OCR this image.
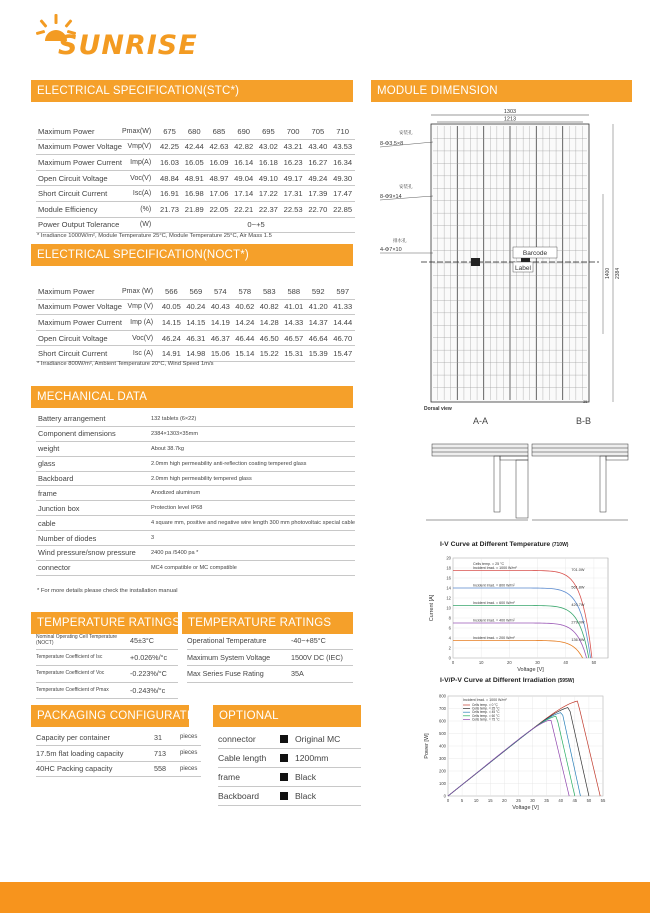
SUNRISE
ELECTRICAL SPECIFICATION(STC*)
Maximum Power	Pmax(W)	675	680	685	690	695	700	705	710
Maximum Power Voltage	Vmp(V)	42.25	42.44	42.63	42.82	43.02	43.21	43.40	43.53
Maximum Power Current	Imp(A)	16.03	16.05	16.09	16.14	16.18	16.23	16.27	16.34
Open Circuit Voltage	Voc(V)	48.84	48.91	48.97	49.04	49.10	49.17	49.24	49.30
Short Circuit Current	Isc(A)	16.91	16.98	17.06	17.14	17.22	17.31	17.39	17.47
Module Efficiency	(%)	21.73	21.89	22.05	22.21	22.37	22.53	22.70	22.85
Power Output Tolerance	(W)	0~+5							
* Irradiance 1000W/m², Module Temperature 25°C, Module Temperature 25°C, Air Mass 1.5
ELECTRICAL SPECIFICATION(NOCT*)
Maximum Power	Pmax (W)	566	569	574	578	583	588	592	597
Maximum Power Voltage	Vmp (V)	40.05	40.24	40.43	40.62	40.82	41.01	41.20	41.33
Maximum Power Current	Imp (A)	14.15	14.15	14.19	14.24	14.28	14.33	14.37	14.44
Open Circuit Voltage	Voc(V)	46.24	46.31	46.37	46.44	46.50	46.57	46.64	46.70
Short Circuit Current	Isc (A)	14.91	14.98	15.06	15.14	15.22	15.31	15.39	15.47
* Irradiance 800W/m², Ambient Temperature 20°C, Wind Speed 1m/s
MECHANICAL DATA
Battery arrangement	132 tablets (6×22)
Component dimensions	2384×1303×35mm
weight	About 38.7kg
glass	2.0mm high permeability anti-reflection coating tempered glass
Backboard	2.0mm high permeability tempered glass
frame	Anodized aluminum
Junction box	Protection level IP68
cable	4 square mm, positive and negative wire length 300 mm photovoltaic special cable
Number of diodes	3
Wind pressure/snow pressure	2400 pa /5400 pa *
connector	MC4 compatible or MC compatible
* For more details please check the installation manual
TEMPERATURE RATINGS TEMPERATURE RATINGS
Nominal Operating Cell Temperature (NOCT)	45±3°C
Temperature Coefficient of Isc	+0.026%/°c
Temperature Coefficient of Voc	-0.223%/°C
Temperature Coefficient of Pmax	-0.243%/°c
Operational Temperature	-40~+85°C
Maximum System Voltage	1500V DC (IEC)
Max Series Fuse Rating	35A
PACKAGING CONFIGURATION
Capacity per container	31	pieces
17.5m flat loading capacity	713	pieces
40HC Packing capacity	558	pieces
OPTIONAL
connector		Original MC
Cable length		1200mm
frame		Black
Backboard		Black
MODULE DIMENSION
1303
1213
安装孔
8-Φ3.5×8
安装孔
8-Φ9×14
排水孔
4-Φ7×10	Barcode
Label	1400 2384
35
Dorsal view
A-A	B-B
I-V Curve at Different Temperature (710W)
0
2
4
6
8
10
12
14
16
18
20
0	10	20	30	40	50
Voltage [V]
Current [A]
Cells temp. = 25 °C
Incident Irrad. = 1000 W/m²	701.0W
Incident Irrad. = 800 W/m²	561.8W
Incident Irrad. = 600 W/m²	420.7W
Incident Irrad. = 400 W/m²	279.0W
Incident Irrad. = 200 W/m²	136.9W
I-V/P-V Curve at Different Irradiation (595W)
0
100
200
300
400
500
600
700
800
0	5	10 15 20 25 30 35 40 45 50 55
Voltage [V]
Power [W]
Incident Irrad. = 1000 W/m²
Cells temp. = 0 °C
Cells temp. = 25 °C
Cells temp. = 45 °C
Cells temp. = 60 °C
Cells temp. = 75 °C
